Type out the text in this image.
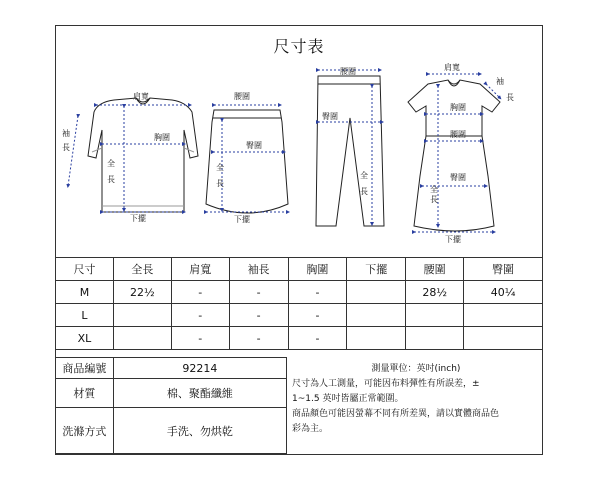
尺寸表
肩寬
袖
長
胸圍
全
長
下擺
腰圍
臀圍
全
長
下擺
腰圍
臀圍
全
長
肩寬
袖
長
胸圍
腰圍
臀圍
全
長
下擺
尺寸	全長	肩寬	袖長	胸圍	下擺	腰圍	臀圍
M	22½	-	-	-		28½	40¼
L		-	-	-			
XL		-	-	-			
商品編號	92214
材質	棉、聚酯纖維
洗滌方式	手洗、勿烘乾
測量單位：英吋(inch)
尺寸為人工測量，可能因布料彈性有所誤差，±
1~1.5 英吋皆屬正常範圍。
商品顏色可能因螢幕不同有所差異，請以實體商品色
彩為主。
